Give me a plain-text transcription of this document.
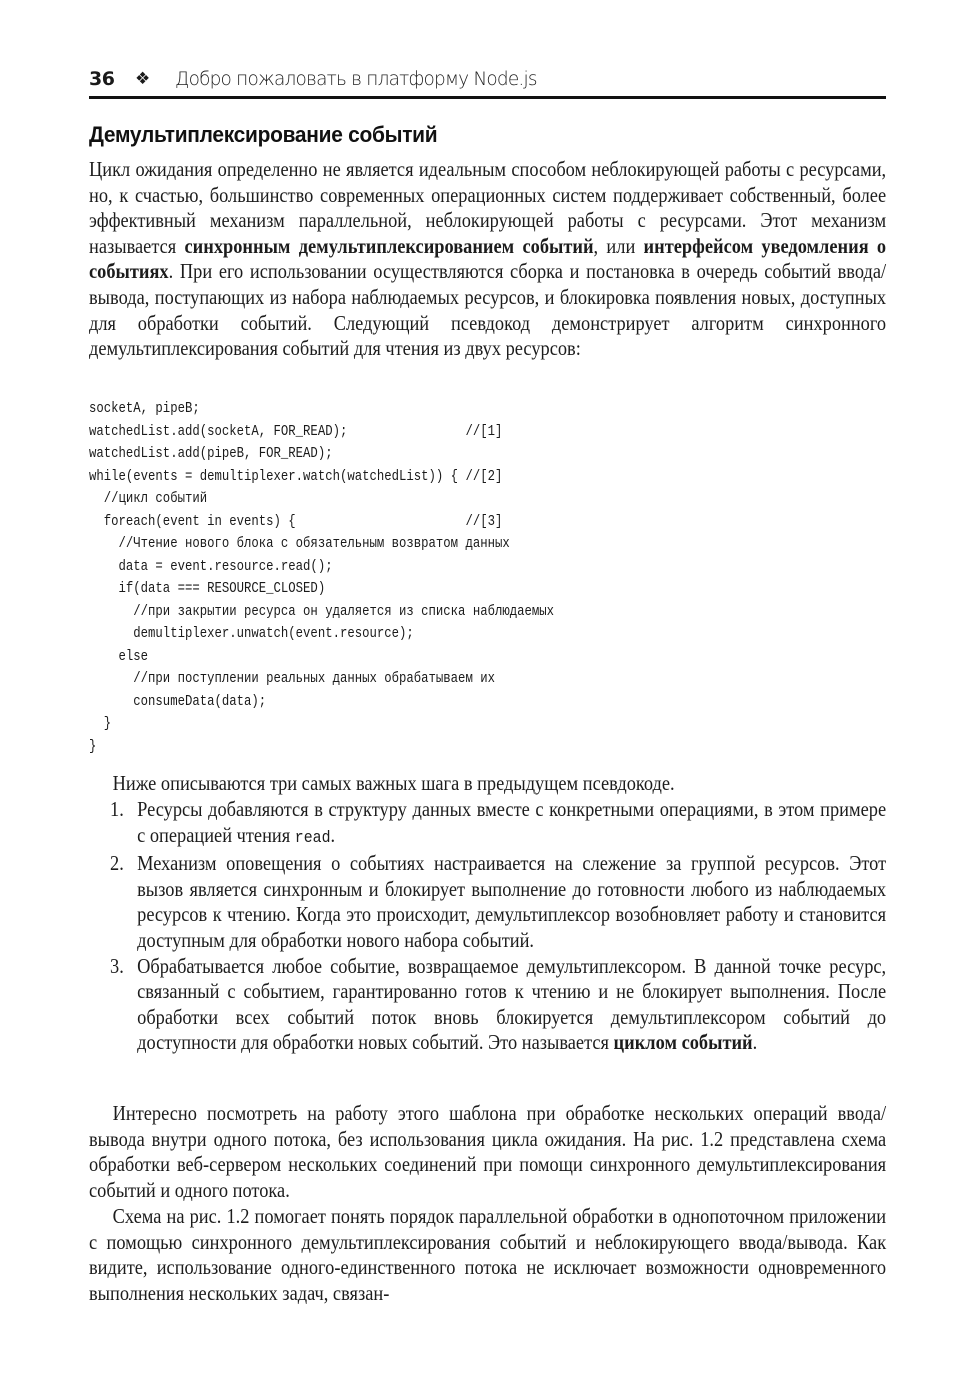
36 ❖ Добро пожаловать в платформу Node.js
Демультиплексирование событий

Цикл ожидания определенно не является идеальным способом неблокирующей работы с ресурсами, но, к счастью, большинство современных операционных систем поддерживает собственный, более эффективный механизм параллельной, неблокирующей работы с ресурсами. Этот механизм называется синхронным демультиплексированием событий, или интерфейсом уведомления о событиях. При его использовании осуществляются сборка и постановка в очередь событий ввода/вывода, поступающих из набора наблюдаемых ресурсов, и блокировка появления новых, доступных для обработки событий. Следующий псевдокод демонстрирует алгоритм синхронного демультиплексирования событий для чтения из двух ресурсов:

socketA, pipeB;
watchedList.add(socketA, FOR_READ);                //[1]
watchedList.add(pipeB, FOR_READ);
while(events = demultiplexer.watch(watchedList)) { //[2]
//цикл событий
foreach(event in events) {                       //[3]
//Чтение нового блока с обязательным возвратом данных
data = event.resource.read();
if(data === RESOURCE_CLOSED)
//при закрытии ресурса он удаляется из списка наблюдаемых
demultiplexer.unwatch(event.resource);
else
//при поступлении реальных данных обрабатываем их
consumeData(data);
}
}

Ниже описываются три самых важных шага в предыдущем псевдокоде.

1. Ресурсы добавляются в структуру данных вместе с конкретными операциями, в этом примере с операцией чтения read.
2. Механизм оповещения о событиях настраивается на слежение за группой ресурсов. Этот вызов является синхронным и блокирует выполнение до готовности любого из наблюдаемых ресурсов к чтению. Когда это происходит, демультиплексор возобновляет работу и становится доступным для обработки нового набора событий.
3. Обрабатывается любое событие, возвращаемое демультиплексором. В данной точке ресурс, связанный с событием, гарантированно готов к чтению и не блокирует выполнения. После обработки всех событий поток вновь блокируется демультиплексором событий до доступности для обработки новых событий. Это называется циклом событий.

Интересно посмотреть на работу этого шаблона при обработке нескольких операций ввода/вывода внутри одного потока, без использования цикла ожидания. На рис. 1.2 представлена схема обработки веб-сервером нескольких соединений при помощи синхронного демультиплексирования событий и одного потока.

Схема на рис. 1.2 помогает понять порядок параллельной обработки в однопоточном приложении с помощью синхронного демультиплексирования событий и неблокирующего ввода/вывода. Как видите, использование одного-единственного потока не исключает возможности одновременного выполнения нескольких задач, связан-
